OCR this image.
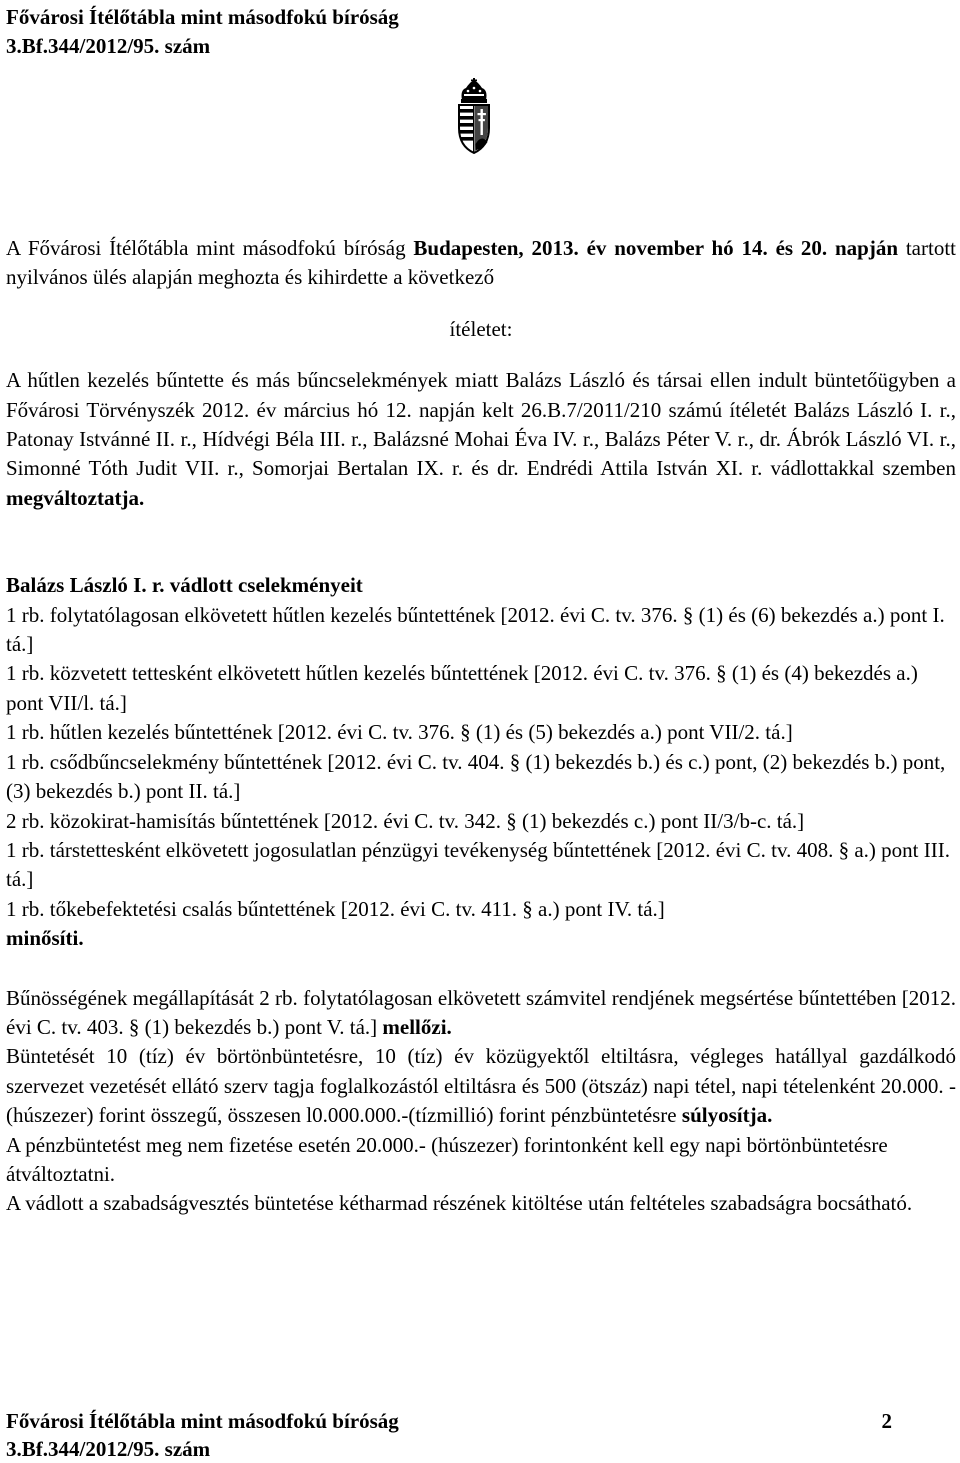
Fővárosi Ítélőtábla mint másodfokú bíróság
3.Bf.344/2012/95. szám

A Fővárosi Ítélőtábla mint másodfokú bíróság Budapesten, 2013. év november hó 14. és 20. napján tartott nyilvános ülés alapján meghozta és kihirdette a következő

ítéletet:

A hűtlen kezelés bűntette és más bűncselekmények miatt Balázs László és társai ellen indult büntetőügyben a Fővárosi Törvényszék 2012. év március hó 12. napján kelt 26.B.7/2011/210 számú ítéletét Balázs László I. r., Patonay Istvánné II. r., Hídvégi Béla III. r., Balázsné Mohai Éva IV. r., Balázs Péter V. r., dr. Ábrók László VI. r., Simonné Tóth Judit VII. r., Somorjai Bertalan IX. r. és dr. Endrédi Attila István XI. r. vádlottakkal szemben megváltoztatja.

Balázs László I. r. vádlott cselekményeit

1 rb. folytatólagosan elkövetett hűtlen kezelés bűntettének [2012. évi C. tv. 376. § (1) és (6) bekezdés a.) pont I. tá.]

1 rb. közvetett tettesként elkövetett hűtlen kezelés bűntettének [2012. évi C. tv. 376. § (1) és (4) bekezdés a.) pont VII/l. tá.]

1 rb. hűtlen kezelés bűntettének [2012. évi C. tv. 376. § (1) és (5) bekezdés a.) pont VII/2. tá.]

1 rb. csődbűncselekmény bűntettének [2012. évi C. tv. 404. § (1) bekezdés b.) és c.) pont, (2) bekezdés b.) pont, (3) bekezdés b.) pont II. tá.]

2 rb. közokirat-hamisítás bűntettének [2012. évi C. tv. 342. § (1) bekezdés c.) pont II/3/b-c. tá.]

1 rb. társtettesként elkövetett jogosulatlan pénzügyi tevékenység bűntettének [2012. évi C. tv. 408. § a.) pont III. tá.]

1 rb. tőkebefektetési csalás bűntettének [2012. évi C. tv. 411. § a.) pont IV. tá.]

minősíti.

Bűnösségének megállapítását 2 rb. folytatólagosan elkövetett számvitel rendjének megsértése bűntettében [2012. évi C. tv. 403. § (1) bekezdés b.) pont V. tá.] mellőzi.

Büntetését 10 (tíz) év börtönbüntetésre, 10 (tíz) év közügyektől eltiltásra, végleges hatállyal gazdálkodó szervezet vezetését ellátó szerv tagja foglalkozástól eltiltásra és 500 (ötszáz) napi tétel, napi tételenként 20.000. -(húszezer) forint összegű, összesen l0.000.000.-(tízmillió) forint pénzbüntetésre súlyosítja.

A pénzbüntetést meg nem fizetése esetén 20.000.- (húszezer) forintonként kell egy napi börtönbüntetésre átváltoztatni.

A vádlott a szabadságvesztés büntetése kétharmad részének kitöltése után feltételes szabadságra bocsátható.

Fővárosi Ítélőtábla mint másodfokú bíróság
3.Bf.344/2012/95. szám
2
